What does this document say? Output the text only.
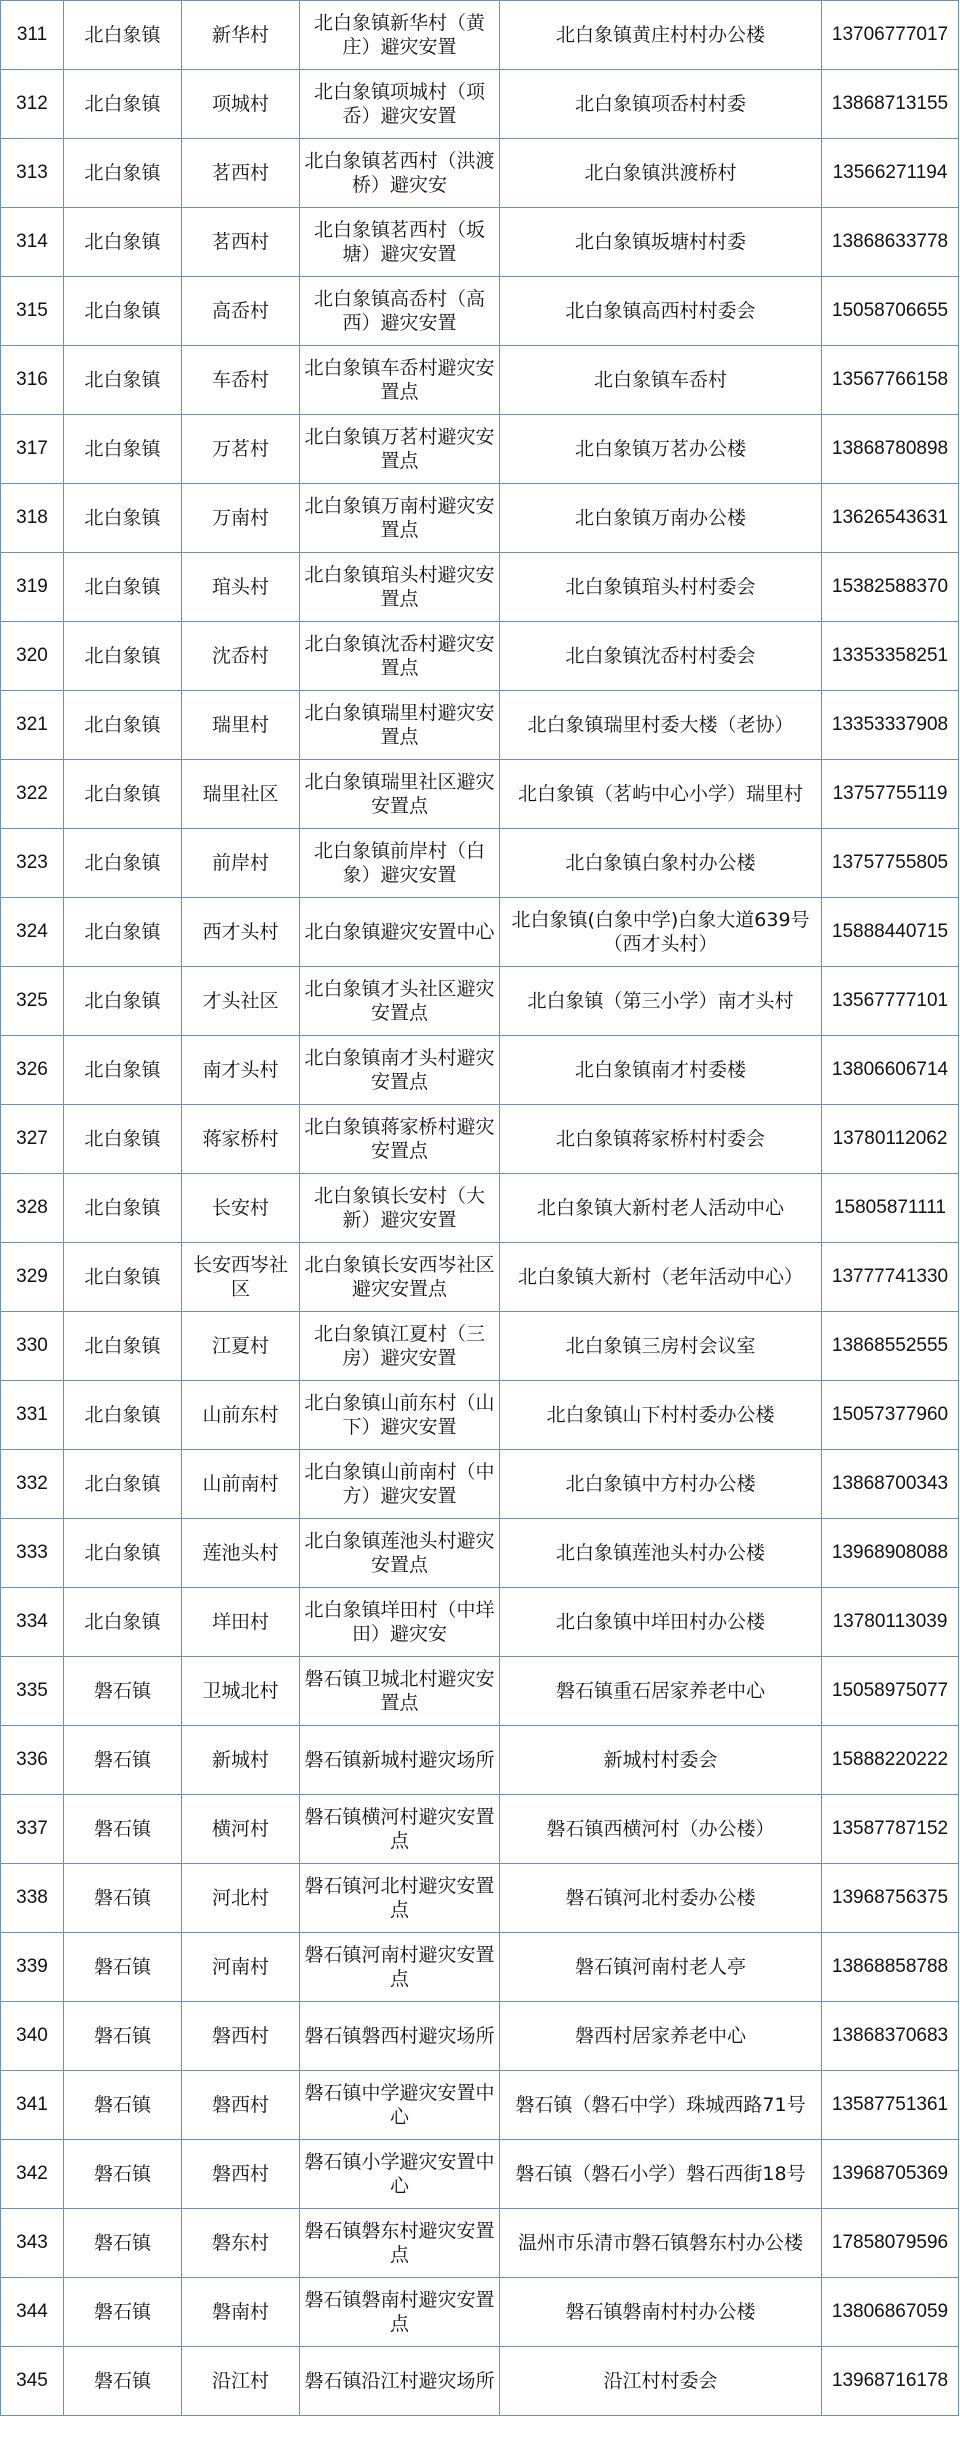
311	北白象镇	新华村	北白象镇新华村（黄庄）避灾安置	北白象镇黄庄村村办公楼	13706777017
312	北白象镇	项城村	北白象镇项城村（项岙）避灾安置	北白象镇项岙村村委	13868713155
313	北白象镇	茗西村	北白象镇茗西村（洪渡桥）避灾安	北白象镇洪渡桥村	13566271194
314	北白象镇	茗西村	北白象镇茗西村（坂塘）避灾安置	北白象镇坂塘村村委	13868633778
315	北白象镇	高岙村	北白象镇高岙村（高西）避灾安置	北白象镇高西村村委会	15058706655
316	北白象镇	车岙村	北白象镇车岙村避灾安置点	北白象镇车岙村	13567766158
317	北白象镇	万茗村	北白象镇万茗村避灾安置点	北白象镇万茗办公楼	13868780898
318	北白象镇	万南村	北白象镇万南村避灾安置点	北白象镇万南办公楼	13626543631
319	北白象镇	琯头村	北白象镇琯头村避灾安置点	北白象镇琯头村村委会	15382588370
320	北白象镇	沈岙村	北白象镇沈岙村避灾安置点	北白象镇沈岙村村委会	13353358251
321	北白象镇	瑞里村	北白象镇瑞里村避灾安置点	北白象镇瑞里村委大楼（老协）	13353337908
322	北白象镇	瑞里社区	北白象镇瑞里社区避灾安置点	北白象镇（茗屿中心小学）瑞里村	13757755119
323	北白象镇	前岸村	北白象镇前岸村（白象）避灾安置	北白象镇白象村办公楼	13757755805
324	北白象镇	西才头村	北白象镇避灾安置中心	北白象镇(白象中学)白象大道639号（西才头村）	15888440715
325	北白象镇	才头社区	北白象镇才头社区避灾安置点	北白象镇（第三小学）南才头村	13567777101
326	北白象镇	南才头村	北白象镇南才头村避灾安置点	北白象镇南才村委楼	13806606714
327	北白象镇	蒋家桥村	北白象镇蒋家桥村避灾安置点	北白象镇蒋家桥村村委会	13780112062
328	北白象镇	长安村	北白象镇长安村（大新）避灾安置	北白象镇大新村老人活动中心	15805871111
329	北白象镇	长安西岑社区	北白象镇长安西岑社区避灾安置点	北白象镇大新村（老年活动中心）	13777741330
330	北白象镇	江夏村	北白象镇江夏村（三房）避灾安置	北白象镇三房村会议室	13868552555
331	北白象镇	山前东村	北白象镇山前东村（山下）避灾安置	北白象镇山下村村委办公楼	15057377960
332	北白象镇	山前南村	北白象镇山前南村（中方）避灾安置	北白象镇中方村办公楼	13868700343
333	北白象镇	莲池头村	北白象镇莲池头村避灾安置点	北白象镇莲池头村办公楼	13968908088
334	北白象镇	垟田村	北白象镇垟田村（中垟田）避灾安	北白象镇中垟田村办公楼	13780113039
335	磐石镇	卫城北村	磐石镇卫城北村避灾安置点	磐石镇重石居家养老中心	15058975077
336	磐石镇	新城村	磐石镇新城村避灾场所	新城村村委会	15888220222
337	磐石镇	横河村	磐石镇横河村避灾安置点	磐石镇西横河村（办公楼）	13587787152
338	磐石镇	河北村	磐石镇河北村避灾安置点	磐石镇河北村委办公楼	13968756375
339	磐石镇	河南村	磐石镇河南村避灾安置点	磐石镇河南村老人亭	13868858788
340	磐石镇	磐西村	磐石镇磐西村避灾场所	磐西村居家养老中心	13868370683
341	磐石镇	磐西村	磐石镇中学避灾安置中心	磐石镇（磐石中学）珠城西路71号	13587751361
342	磐石镇	磐西村	磐石镇小学避灾安置中心	磐石镇（磐石小学）磐石西街18号	13968705369
343	磐石镇	磐东村	磐石镇磐东村避灾安置点	温州市乐清市磐石镇磐东村办公楼	17858079596
344	磐石镇	磐南村	磐石镇磐南村避灾安置点	磐石镇磐南村村办公楼	13806867059
345	磐石镇	沿江村	磐石镇沿江村避灾场所	沿江村村委会	13968716178
